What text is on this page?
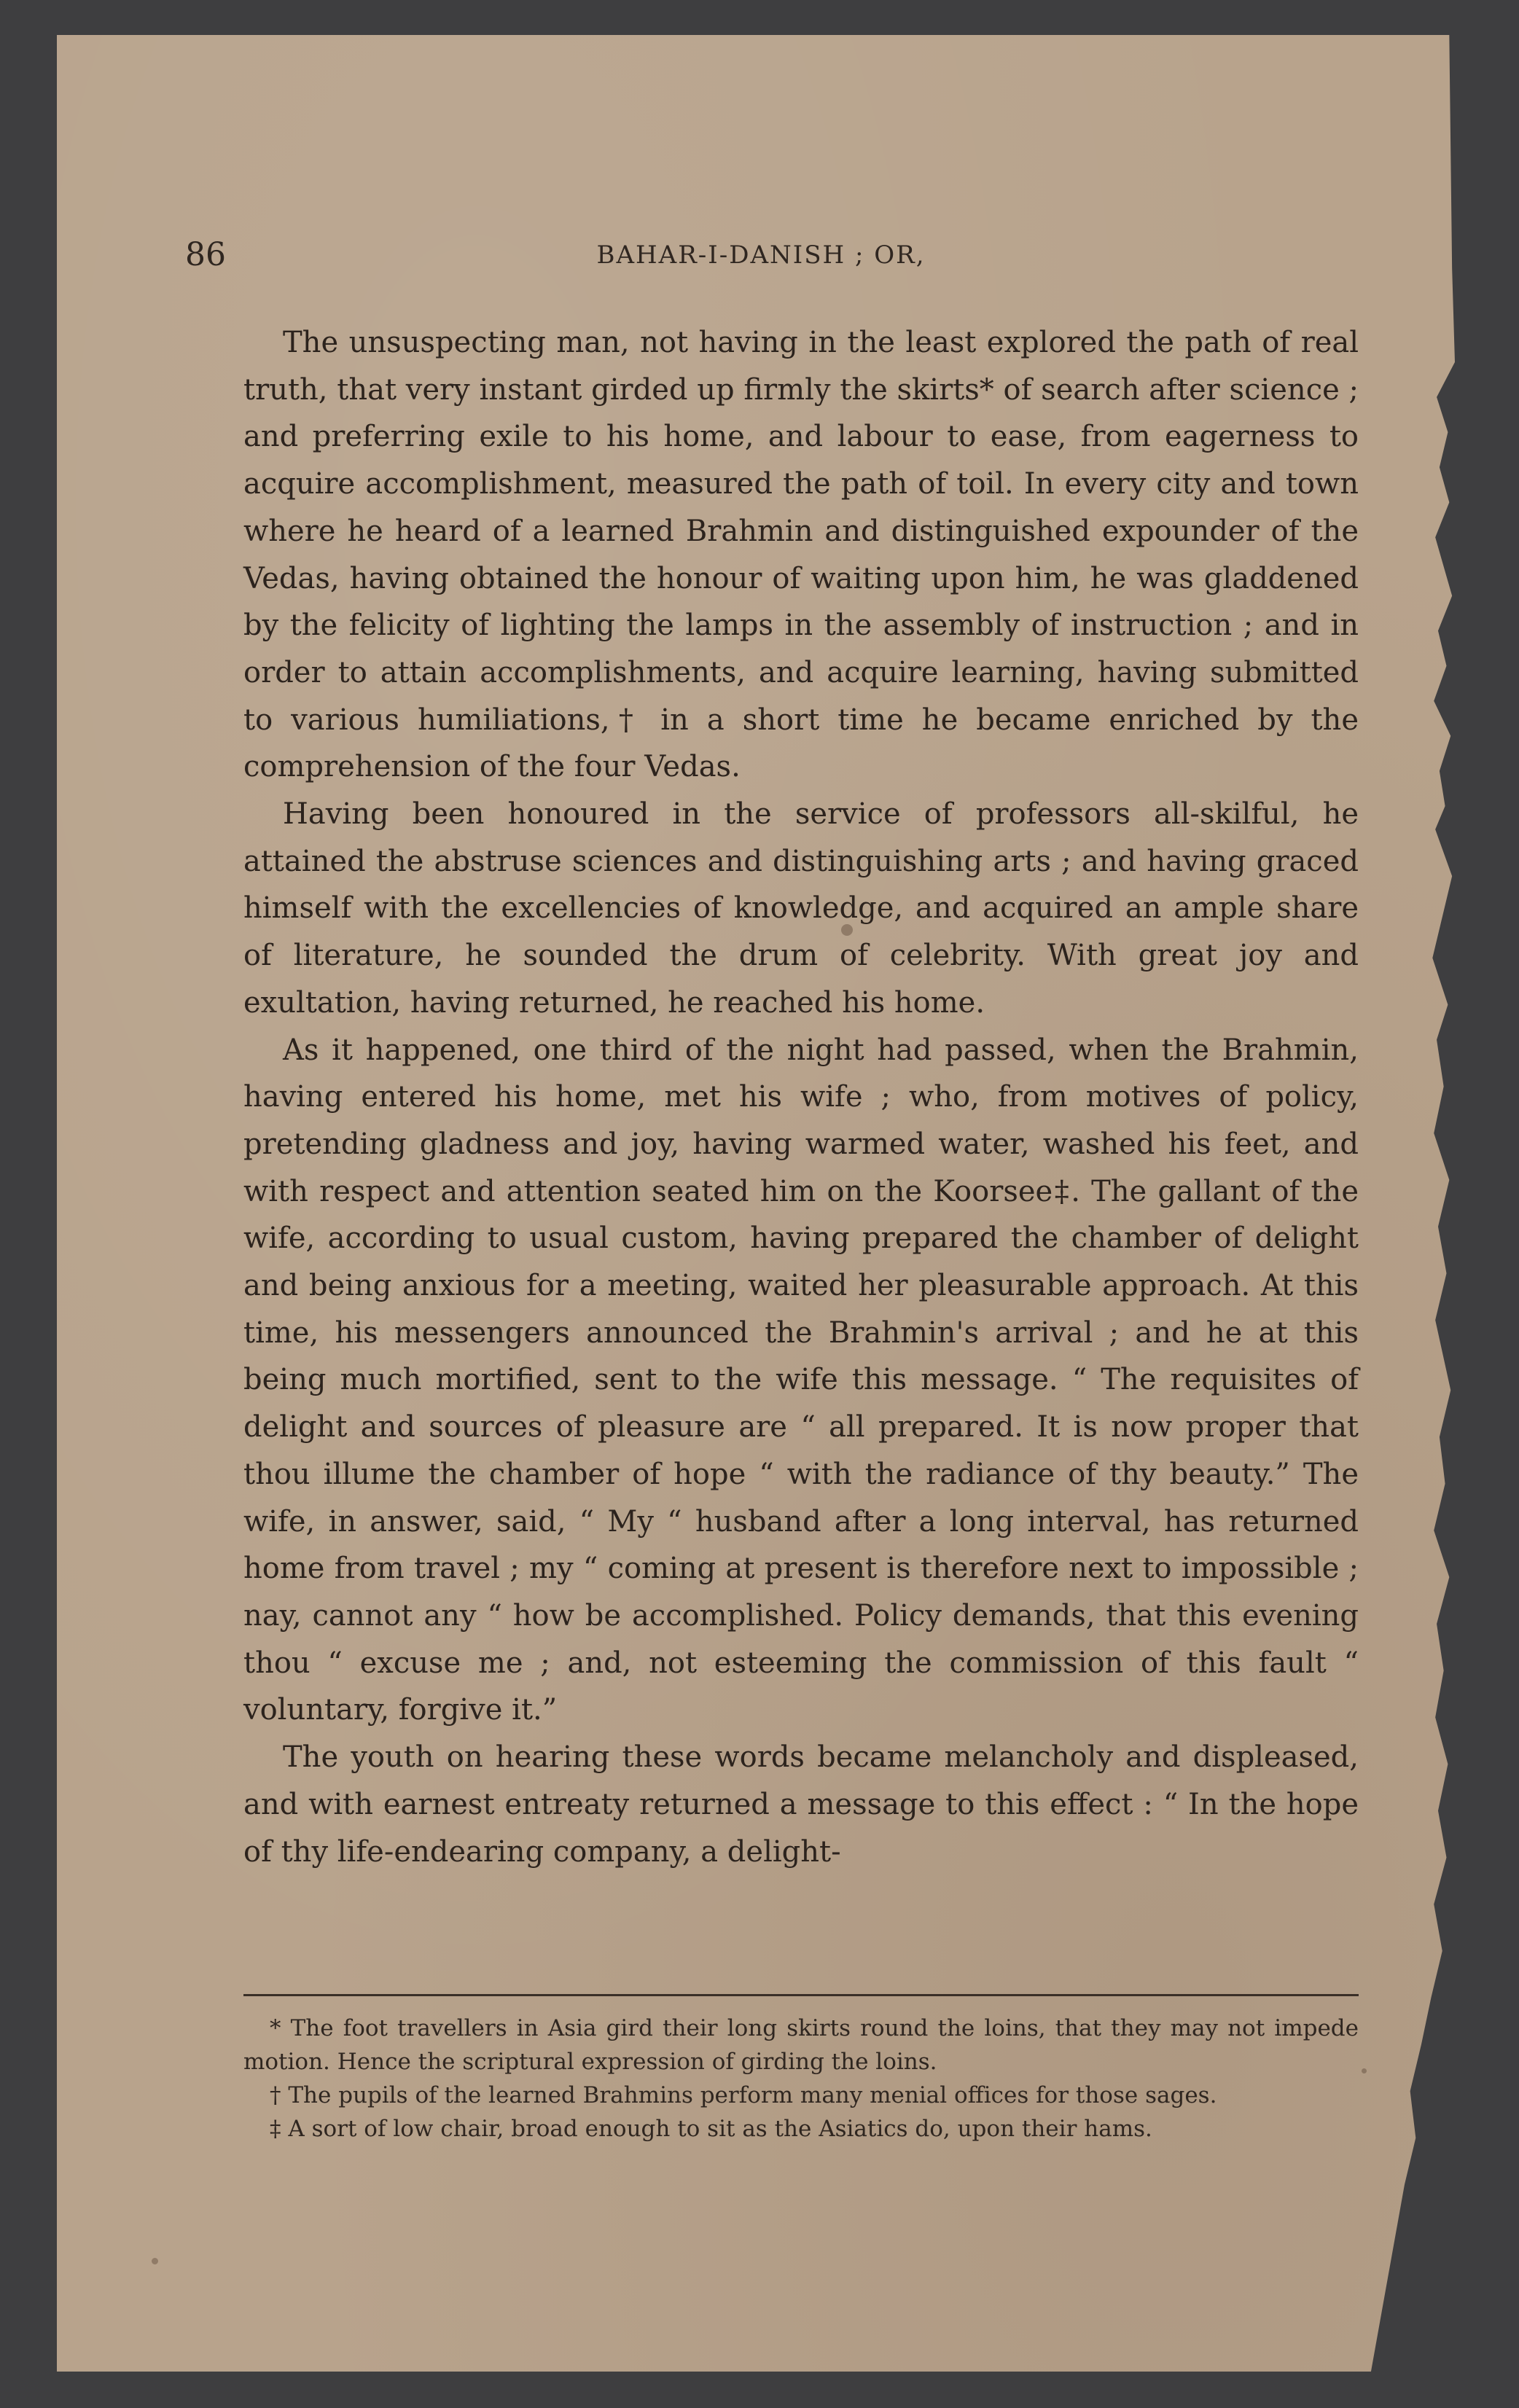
86	BAHAR-I-DANISH ; OR,

The unsuspecting man, not having in the least explored the path of real truth, that very instant girded up firmly the skirts* of search after science ; and preferring exile to his home, and labour to ease, from eagerness to acquire accomplishment, measured the path of toil. In every city and town where he heard of a learned Brahmin and distinguished expounder of the Vedas, having obtained the honour of waiting upon him, he was gladdened by the felicity of lighting the lamps in the assembly of instruction ; and in order to attain accomplishments, and acquire learning, having submitted to various humiliations,† in a short time he became enriched by the comprehension of the four Vedas.

Having been honoured in the service of professors all-skilful, he attained the abstruse sciences and distinguishing arts ; and having graced himself with the excellencies of knowledge, and acquired an ample share of literature, he sounded the drum of celebrity. With great joy and exultation, having returned, he reached his home.

As it happened, one third of the night had passed, when the Brahmin, having entered his home, met his wife ; who, from motives of policy, pretending gladness and joy, having warmed water, washed his feet, and with respect and attention seated him on the Koorsee‡. The gallant of the wife, according to usual custom, having prepared the chamber of delight and being anxious for a meeting, waited her pleasurable approach. At this time, his messengers announced the Brahmin's arrival ; and he at this being much mortified, sent to the wife this message. “ The requisites of delight and sources of pleasure are “ all prepared. It is now proper that thou illume the chamber of hope “ with the radiance of thy beauty.” The wife, in answer, said, “ My “ husband after a long interval, has returned home from travel ; my “ coming at present is therefore next to impossible ; nay, cannot any “ how be accomplished. Policy demands, that this evening thou “ excuse me ; and, not esteeming the commission of this fault “ voluntary, forgive it.”

The youth on hearing these words became melancholy and displeased, and with earnest entreaty returned a message to this effect : “ In the hope of thy life-endearing company, a delight-

* The foot travellers in Asia gird their long skirts round the loins, that they may not impede motion. Hence the scriptural expression of girding the loins.

† The pupils of the learned Brahmins perform many menial offices for those sages.

‡ A sort of low chair, broad enough to sit as the Asiatics do, upon their hams.
